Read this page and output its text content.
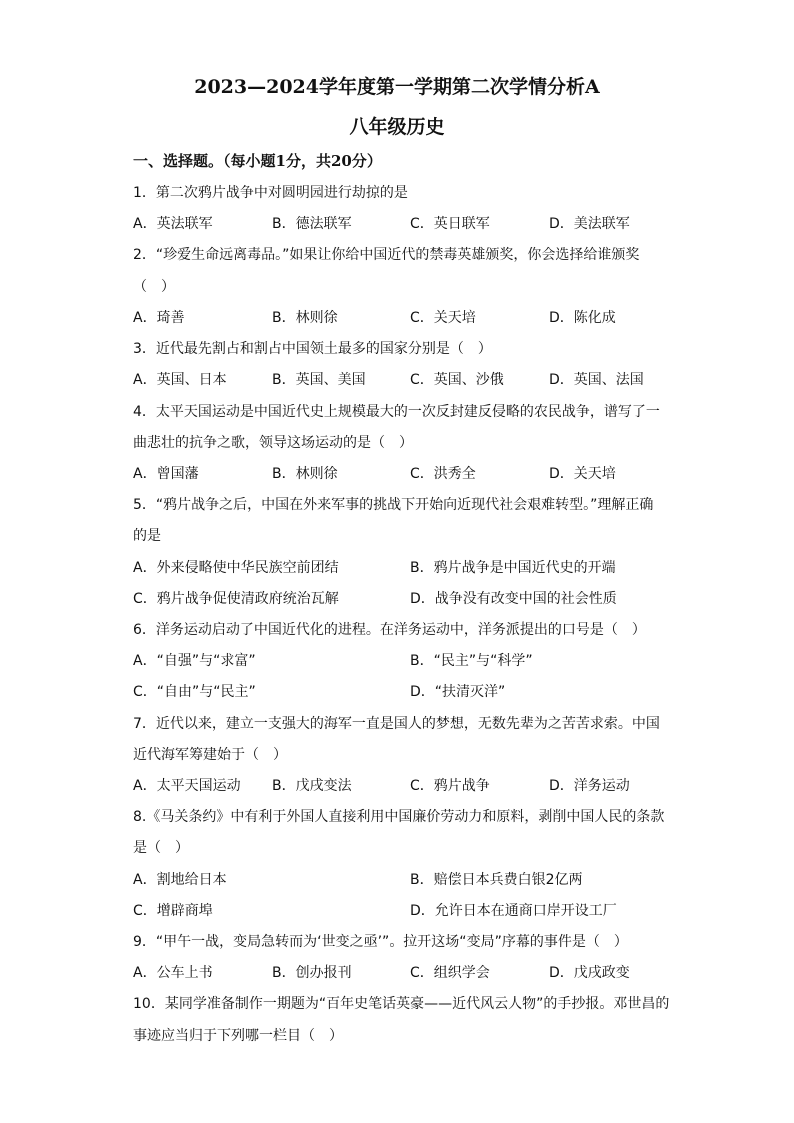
2023—2024学年度第一学期第二次学情分析A
八年级历史
一、选择题。（每小题1分，共20分）
1．第二次鸦片战争中对圆明园进行劫掠的是
A．英法联军	B．德法联军	C．英日联军	D．美法联军
2．“珍爱生命远离毒品。”如果让你给中国近代的禁毒英雄颁奖，你会选择给谁颁奖
（　）
A．琦善	B．林则徐	C．关天培	D．陈化成
3．近代最先割占和割占中国领土最多的国家分别是（　）
A．英国、日本	B．英国、美国	C．英国、沙俄	D．英国、法国
4．太平天国运动是中国近代史上规模最大的一次反封建反侵略的农民战争，谱写了一
曲悲壮的抗争之歌，领导这场运动的是（　）
A．曾国藩	B．林则徐	C．洪秀全	D．关天培
5．“鸦片战争之后，中国在外来军事的挑战下开始向近现代社会艰难转型。”理解正确
的是
A．外来侵略使中华民族空前团结	B．鸦片战争是中国近代史的开端
C．鸦片战争促使清政府统治瓦解	D．战争没有改变中国的社会性质
6．洋务运动启动了中国近代化的进程。在洋务运动中，洋务派提出的口号是（　）
A．“自强”与“求富”	B．“民主”与“科学”
C．“自由”与“民主”	D．“扶清灭洋”
7．近代以来，建立一支强大的海军一直是国人的梦想，无数先辈为之苦苦求索。中国
近代海军筹建始于（　）
A．太平天国运动 B．戊戌变法	C．鸦片战争	D．洋务运动
8.《马关条约》中有利于外国人直接利用中国廉价劳动力和原料，剥削中国人民的条款
是（　）
A．割地给日本	B．赔偿日本兵费白银2亿两
C．增辟商埠	D．允许日本在通商口岸开设工厂
9．“甲午一战，变局急转而为‘世变之亟’”。拉开这场“变局”序幕的事件是（　）
A．公车上书	B．创办报刊	C．组织学会	D．戊戌政变
10．某同学准备制作一期题为“百年史笔话英豪——近代风云人物”的手抄报。邓世昌的
事迹应当归于下列哪一栏目（　）
